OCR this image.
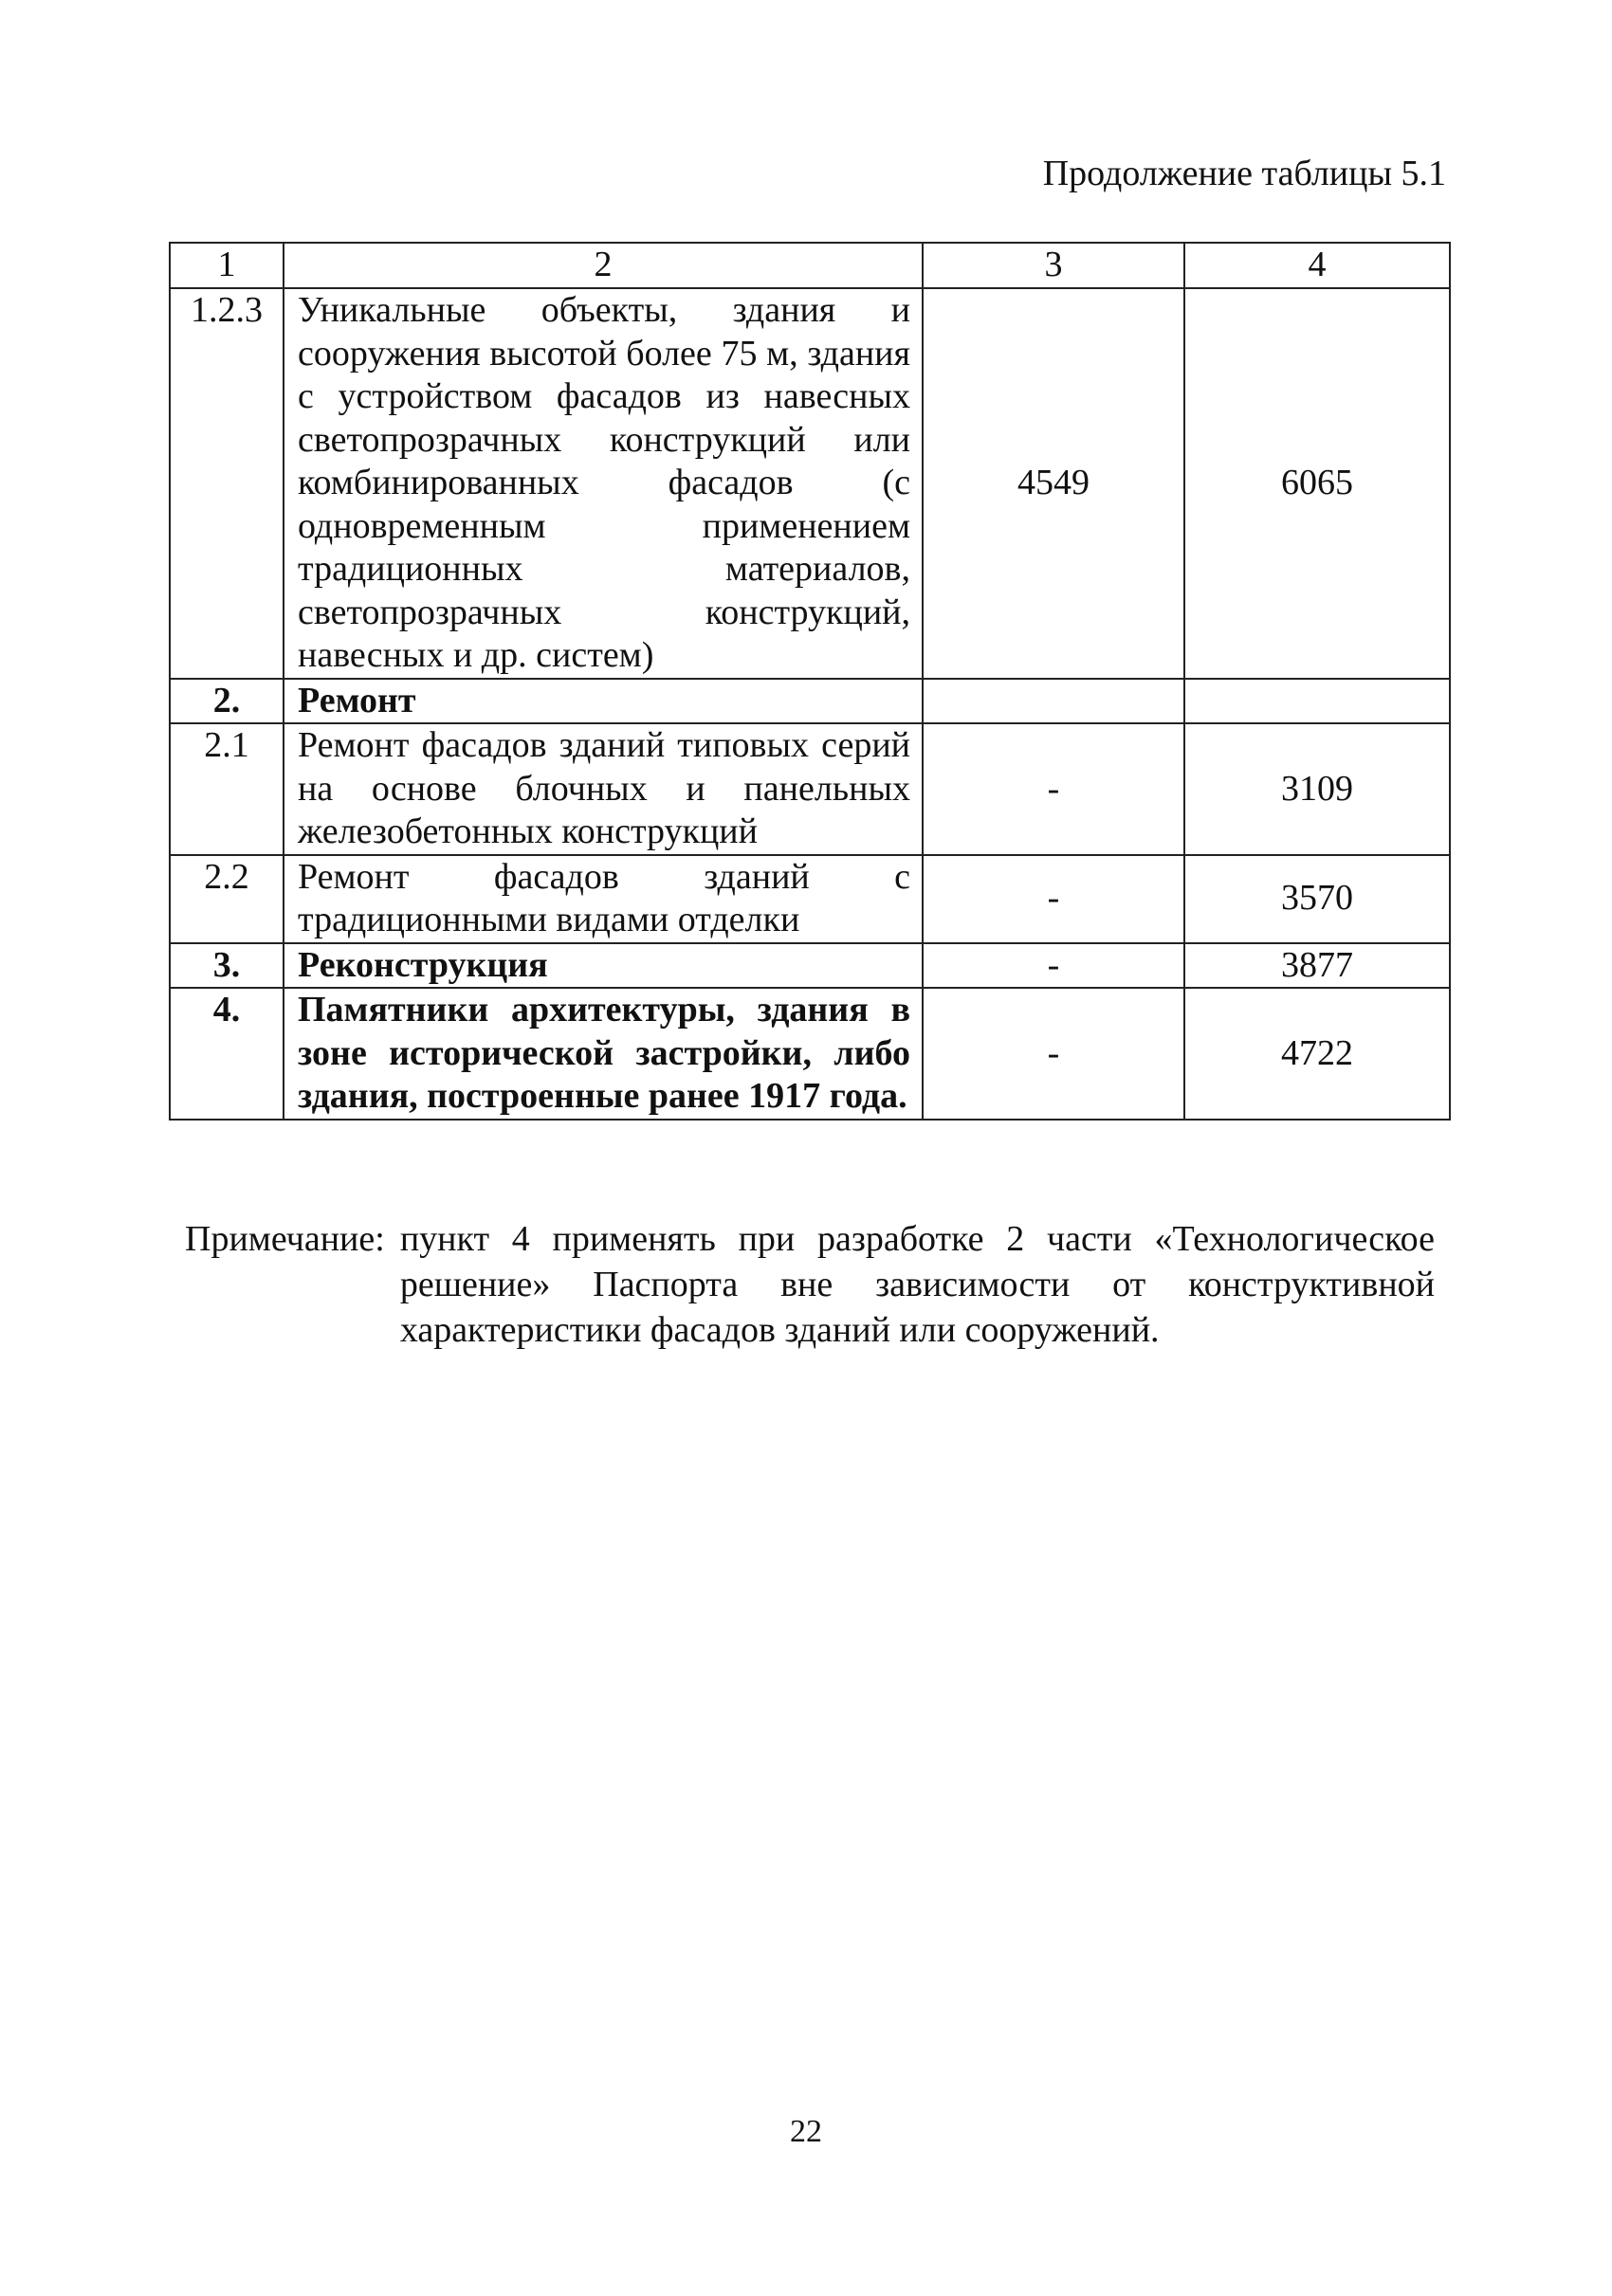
Продолжение таблицы 5.1
1	2	3	4
1.2.3	Уникальные объекты, здания и сооружения высотой более 75 м, здания с устройством фасадов из навесных светопрозрачных конструкций или комбинированных фасадов (с одновременным применением традиционных материалов, светопрозрачных конструкций, навесных и др. систем)	4549	6065
2.	Ремонт		
2.1	Ремонт фасадов зданий типовых серий на основе блочных и панельных железобетонных конструкций	-	3109
2.2	Ремонт фасадов зданий с традиционными видами отделки	-	3570
3.	Реконструкция	-	3877
4.	Памятники архитектуры, здания в зоне исторической застройки, либо здания, построенные ранее 1917 года.	-	4722
Примечание: пункт 4 применять при разработке 2 части «Технологическое решение» Паспорта вне зависимости от конструктивной характеристики фасадов зданий или сооружений.
22
